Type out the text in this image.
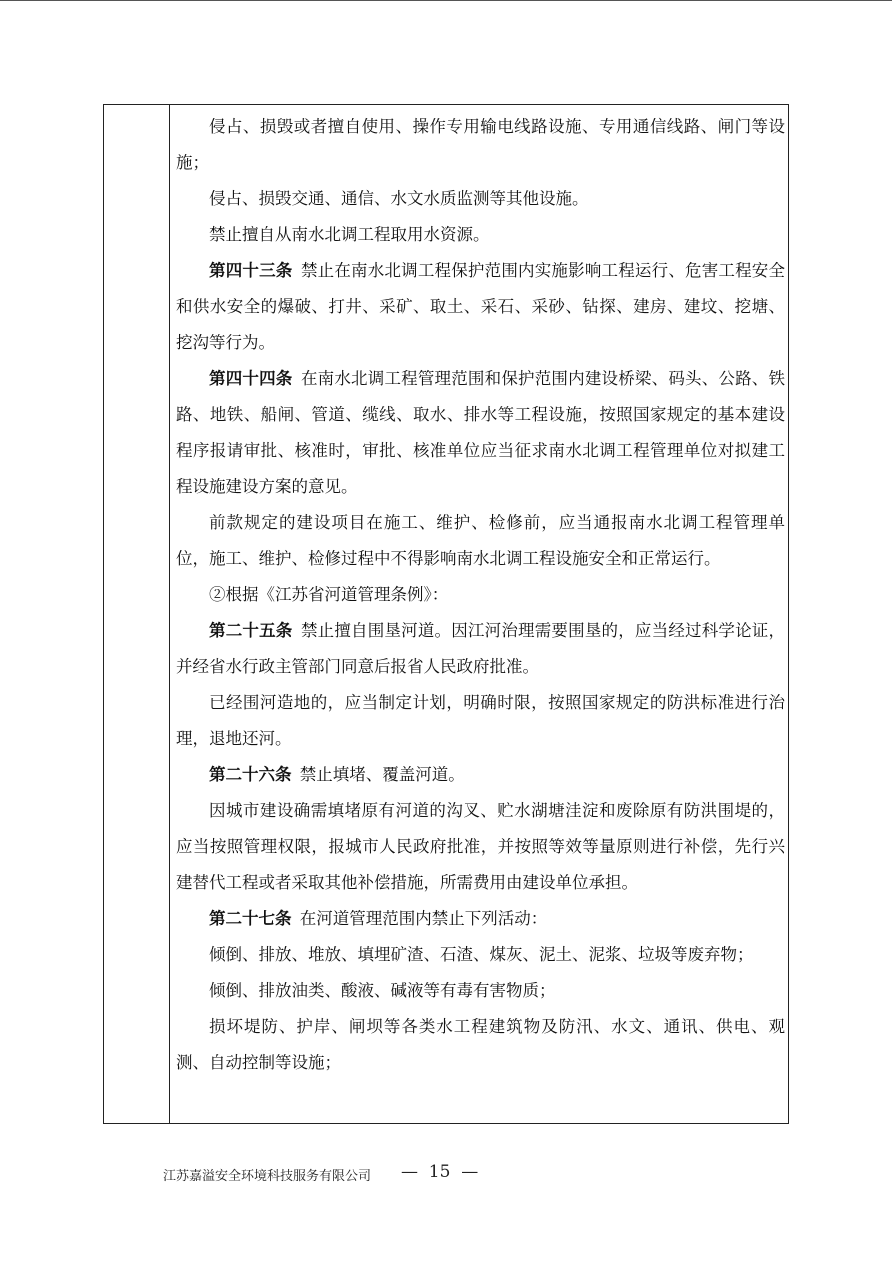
侵占、损毁或者擅自使用、操作专用输电线路设施、专用通信线路、闸门等设施；

侵占、损毁交通、通信、水文水质监测等其他设施。

禁止擅自从南水北调工程取用水资源。

第四十三条  禁止在南水北调工程保护范围内实施影响工程运行、危害工程安全和供水安全的爆破、打井、采矿、取土、采石、采砂、钻探、建房、建坟、挖塘、挖沟等行为。

第四十四条  在南水北调工程管理范围和保护范围内建设桥梁、码头、公路、铁路、地铁、船闸、管道、缆线、取水、排水等工程设施，按照国家规定的基本建设程序报请审批、核准时，审批、核准单位应当征求南水北调工程管理单位对拟建工程设施建设方案的意见。

前款规定的建设项目在施工、维护、检修前，应当通报南水北调工程管理单位，施工、维护、检修过程中不得影响南水北调工程设施安全和正常运行。

②根据《江苏省河道管理条例》：

第二十五条  禁止擅自围垦河道。因江河治理需要围垦的，应当经过科学论证，并经省水行政主管部门同意后报省人民政府批准。

已经围河造地的，应当制定计划，明确时限，按照国家规定的防洪标准进行治理，退地还河。

第二十六条  禁止填堵、覆盖河道。

因城市建设确需填堵原有河道的沟叉、贮水湖塘洼淀和废除原有防洪围堤的，应当按照管理权限，报城市人民政府批准，并按照等效等量原则进行补偿，先行兴建替代工程或者采取其他补偿措施，所需费用由建设单位承担。

第二十七条  在河道管理范围内禁止下列活动：

倾倒、排放、堆放、填埋矿渣、石渣、煤灰、泥土、泥浆、垃圾等废弃物；

倾倒、排放油类、酸液、碱液等有毒有害物质；

损坏堤防、护岸、闸坝等各类水工程建筑物及防汛、水文、通讯、供电、观测、自动控制等设施；

江苏嘉溢安全环境科技服务有限公司 —  15  —
